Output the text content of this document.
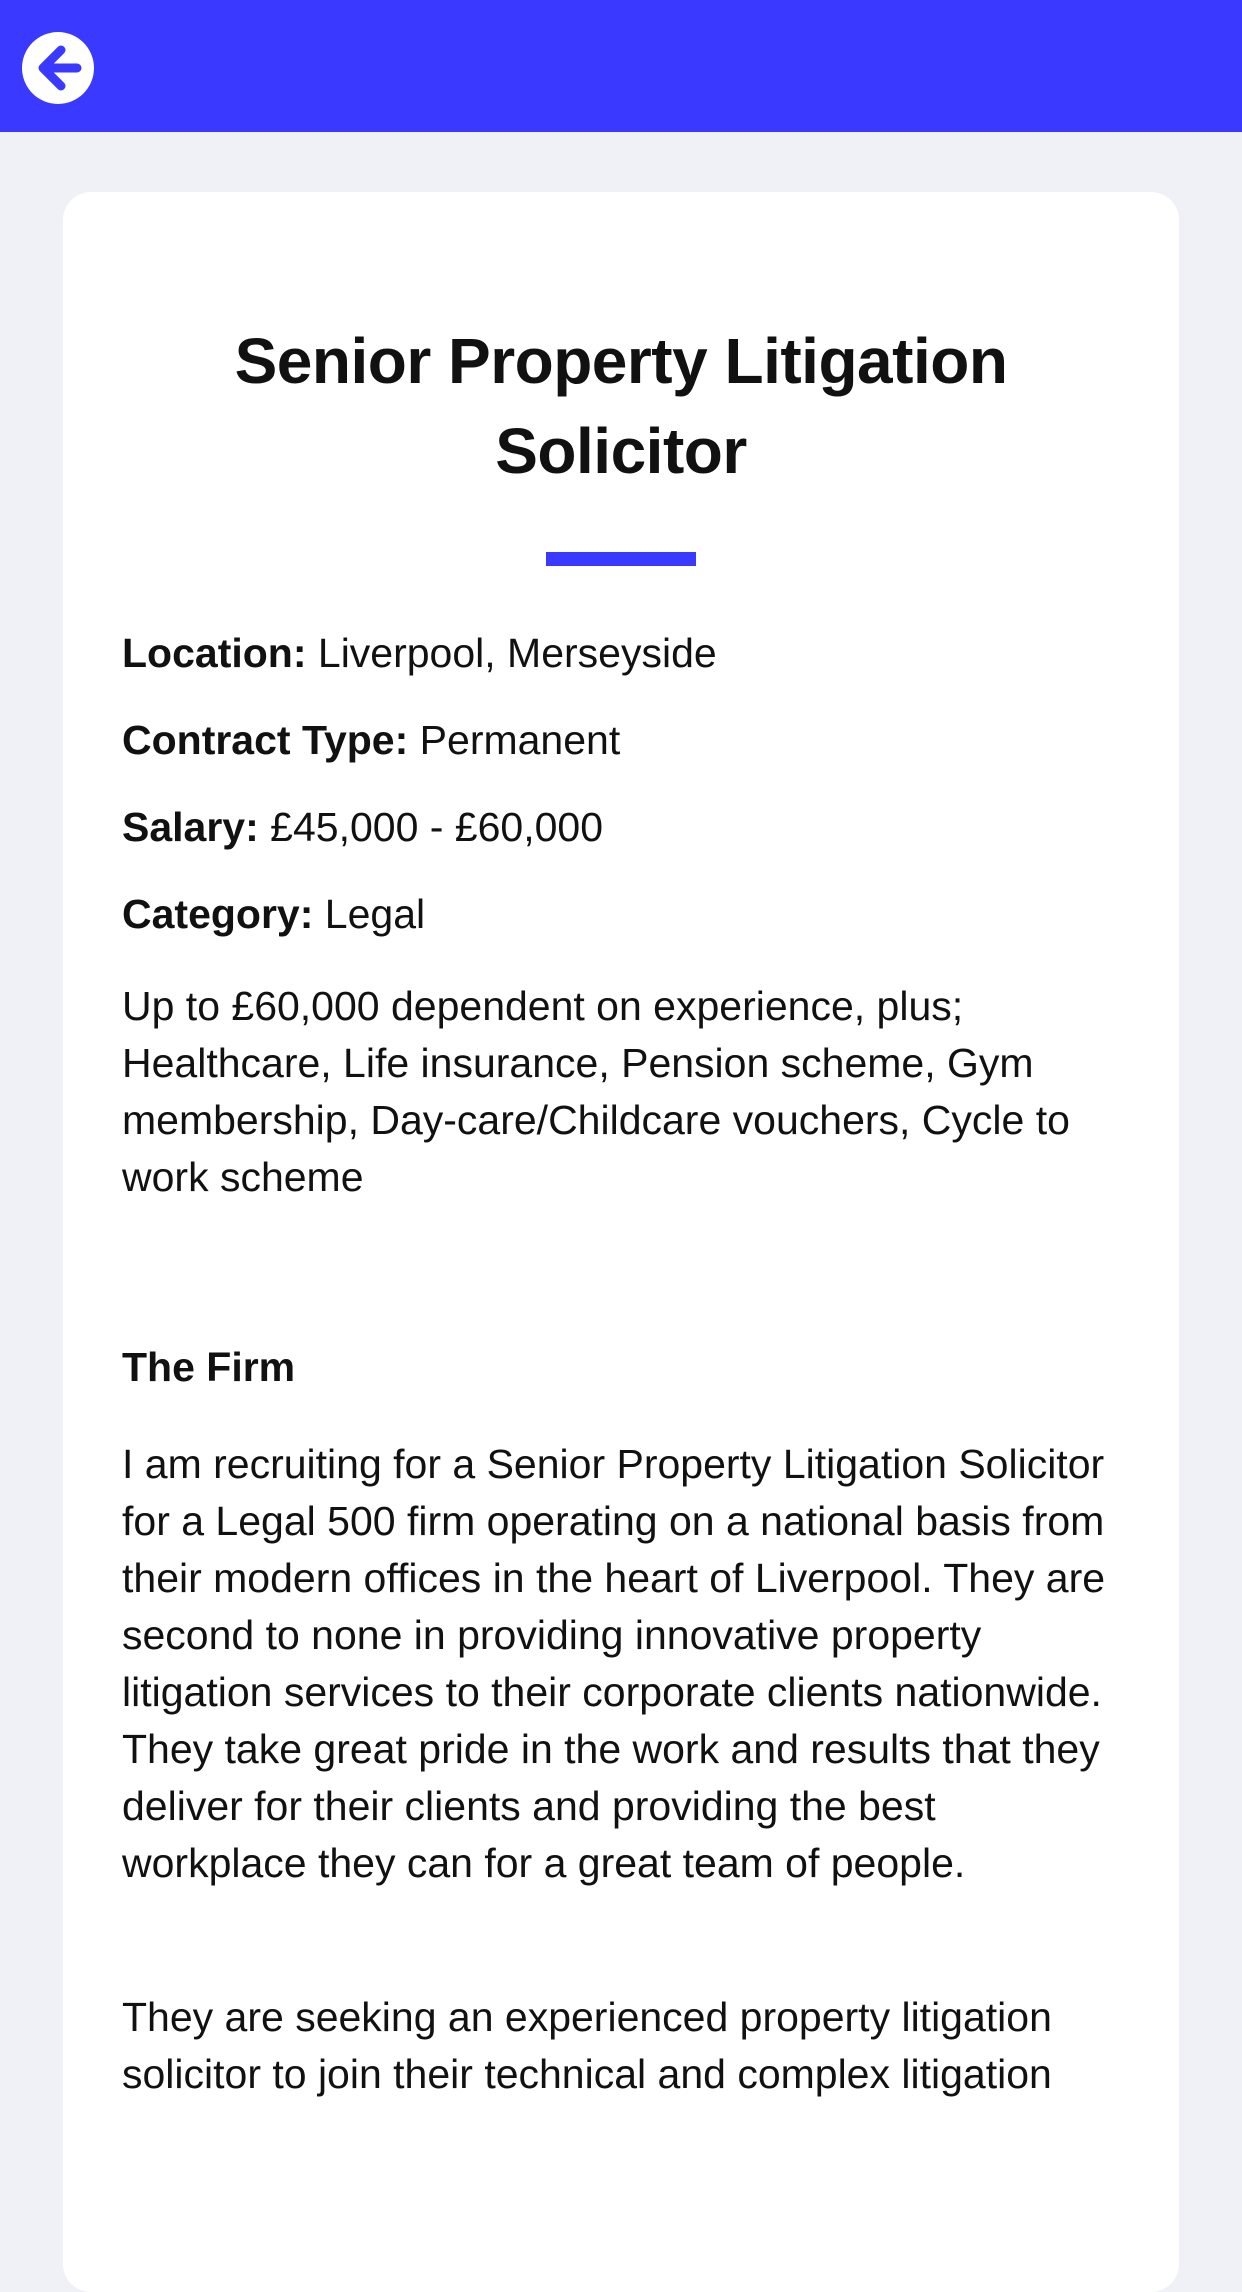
Senior Property Litigation Solicitor

Location: Liverpool, Merseyside

Contract Type: Permanent

Salary: £45,000 - £60,000

Category: Legal

Up to £60,000 dependent on experience, plus; Healthcare, Life insurance, Pension scheme, Gym membership, Day-care/Childcare vouchers, Cycle to work scheme

The Firm

I am recruiting for a Senior Property Litigation Solicitor for a Legal 500 firm operating on a national basis from their modern offices in the heart of Liverpool. They are second to none in providing innovative property litigation services to their corporate clients nationwide. They take great pride in the work and results that they deliver for their clients and providing the best workplace they can for a great team of people.

They are seeking an experienced property litigation solicitor to join their technical and complex litigation
